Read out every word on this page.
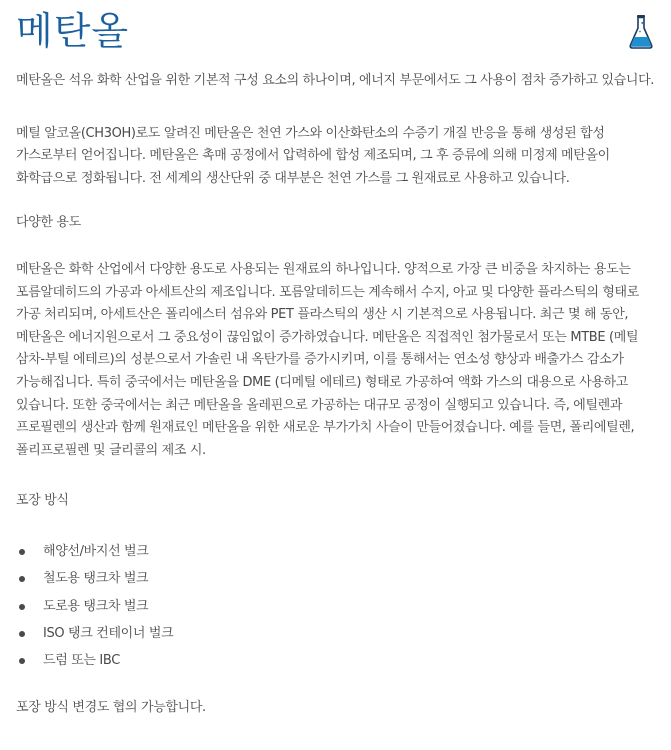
메탄올

메탄올은 석유 화학 산업을 위한 기본적 구성 요소의 하나이며, 에너지 부문에서도 그 사용이 점차 증가하고 있습니다.

메틸 알코올(CH3OH)로도 알려진 메탄올은 천연 가스와 이산화탄소의 수증기 개질 반응을 통해 생성된 합성 가스로부터 얻어집니다. 메탄올은 촉매 공정에서 압력하에 합성 제조되며, 그 후 증류에 의해 미정제 메탄올이 화학급으로 정화됩니다. 전 세계의 생산단위 중 대부분은 천연 가스를 그 원재료로 사용하고 있습니다.

다양한 용도

메탄올은 화학 산업에서 다양한 용도로 사용되는 원재료의 하나입니다. 양적으로 가장 큰 비중을 차지하는 용도는 포름알데히드의 가공과 아세트산의 제조입니다. 포름알데히드는 계속해서 수지, 아교 및 다양한 플라스틱의 형태로 가공 처리되며, 아세트산은 폴리에스터 섬유와 PET 플라스틱의 생산 시 기본적으로 사용됩니다. 최근 몇 해 동안, 메탄올은 에너지원으로서 그 중요성이 끊임없이 증가하였습니다. 메탄올은 직접적인 첨가물로서 또는 MTBE (메틸 삼차-부틸 에테르)의 성분으로서 가솔린 내 옥탄가를 증가시키며, 이를 통해서는 연소성 향상과 배출가스 감소가 가능해집니다. 특히 중국에서는 메탄올을 DME (디메틸 에테르) 형태로 가공하여 액화 가스의 대용으로 사용하고 있습니다. 또한 중국에서는 최근 메탄올을 올레핀으로 가공하는 대규모 공정이 실행되고 있습니다. 즉, 에틸렌과 프로필렌의 생산과 함께 원재료인 메탄올을 위한 새로운 부가가치 사슬이 만들어졌습니다. 예를 들면, 폴리에틸렌, 폴리프로필렌 및 글리콜의 제조 시.

포장 방식

해양선/바지선 벌크
철도용 탱크차 벌크
도로용 탱크차 벌크
ISO 탱크 컨테이너 벌크
드럼 또는 IBC

포장 방식 변경도 협의 가능합니다.
